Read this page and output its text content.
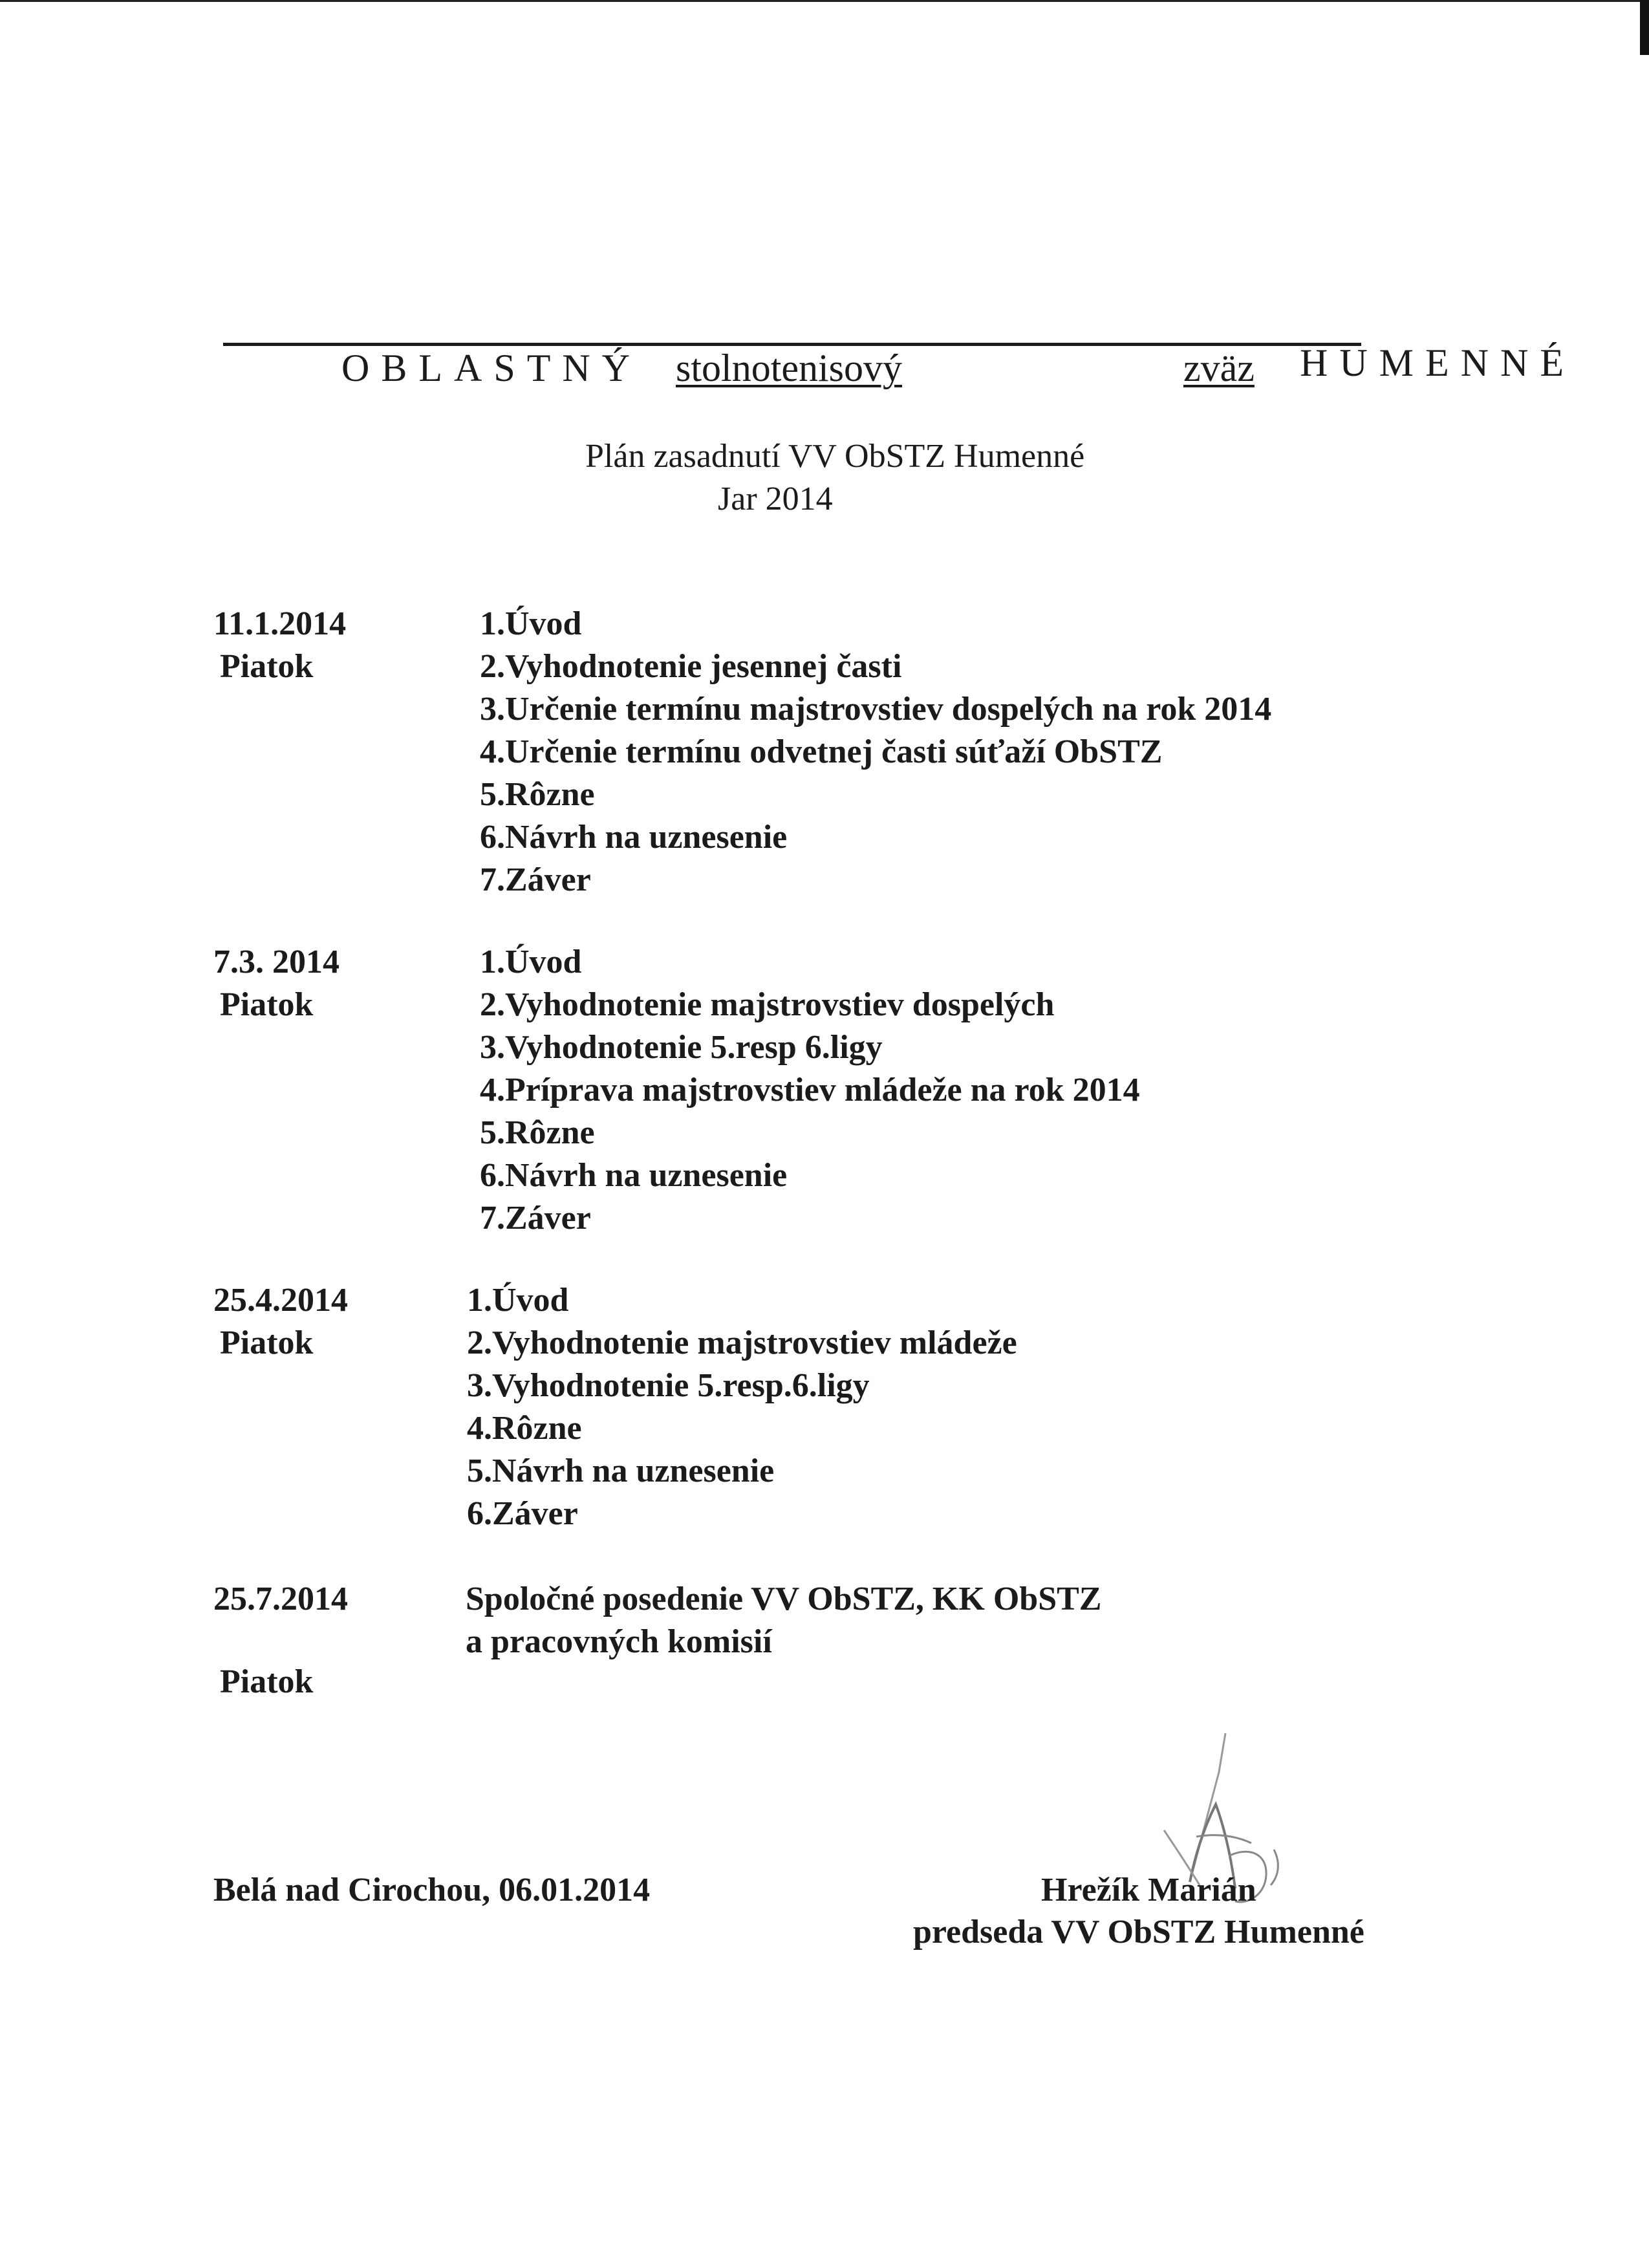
OBLASTNÝ stolnotenisový	zväz HUMENNÉ
Plán zasadnutí VV ObSTZ Humenné
Jar 2014
11.1.2014
Piatok
1.Úvod
2.Vyhodnotenie jesennej časti
3.Určenie termínu majstrovstiev dospelých na rok 2014
4.Určenie termínu odvetnej časti súťaží ObSTZ
5.Rôzne
6.Návrh na uznesenie
7.Záver
7.3. 2014
Piatok
1.Úvod
2.Vyhodnotenie majstrovstiev dospelých
3.Vyhodnotenie 5.resp 6.ligy
4.Príprava majstrovstiev mládeže na rok 2014
5.Rôzne
6.Návrh na uznesenie
7.Záver
25.4.2014
Piatok
1.Úvod
2.Vyhodnotenie majstrovstiev mládeže
3.Vyhodnotenie 5.resp.6.ligy
4.Rôzne
5.Návrh na uznesenie
6.Záver
25.7.2014
Piatok
Spoločné posedenie VV ObSTZ, KK ObSTZ
a pracovných komisií
Belá nad Cirochou, 06.01.2014	Hrežík Marián
predseda VV ObSTZ Humenné
